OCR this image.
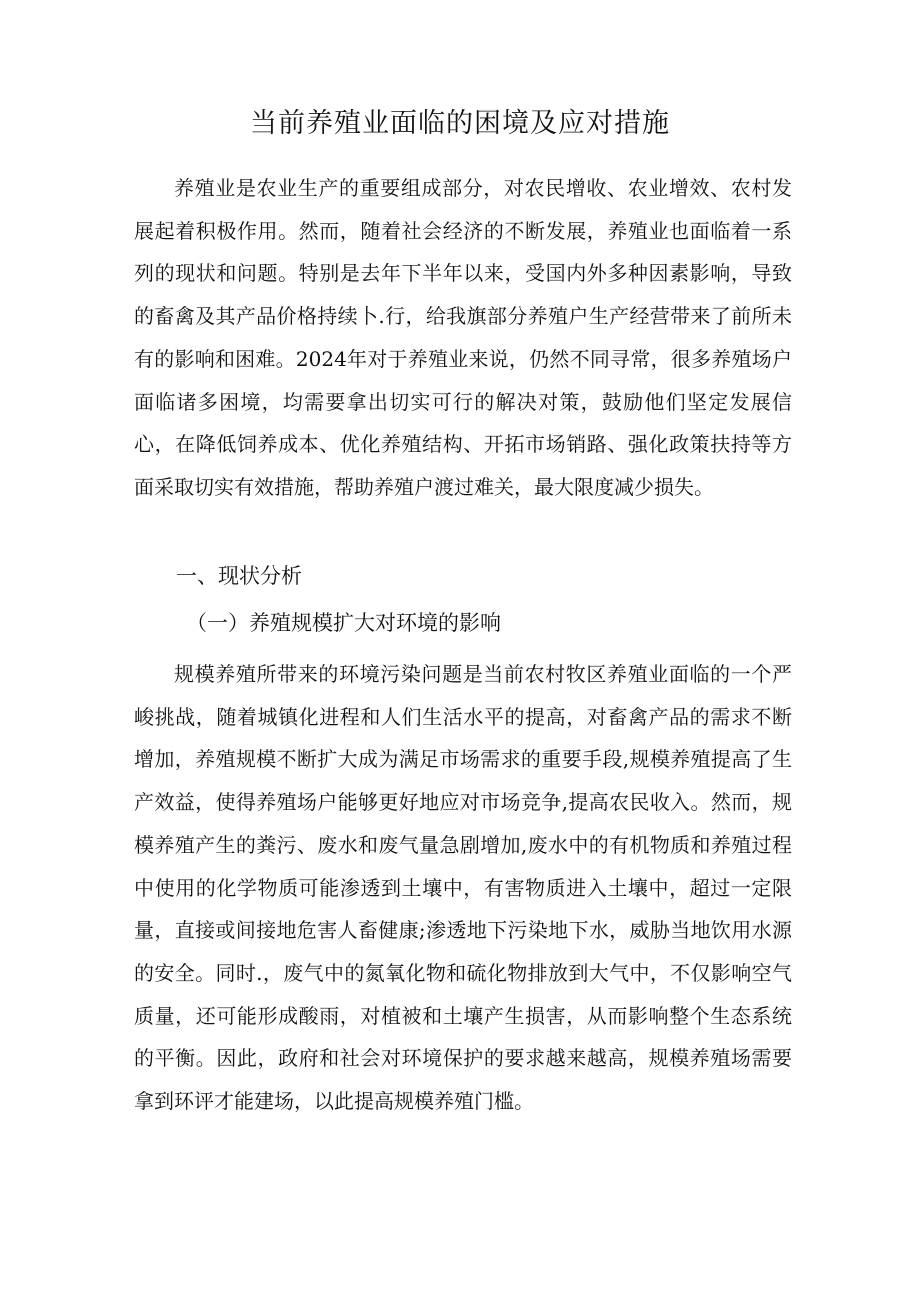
当前养殖业面临的困境及应对措施

养殖业是农业生产的重要组成部分，对农民增收、农业增效、农村发展起着积极作用。然而，随着社会经济的不断发展，养殖业也面临着一系列的现状和问题。特别是去年下半年以来，受国内外多种因素影响，导致的畜禽及其产品价格持续卜.行，给我旗部分养殖户生产经营带来了前所未有的影响和困难。2024年对于养殖业来说，仍然不同寻常，很多养殖场户面临诸多困境，均需要拿出切实可行的解决对策，鼓励他们坚定发展信心，在降低饲养成本、优化养殖结构、开拓市场销路、强化政策扶持等方面采取切实有效措施，帮助养殖户渡过难关，最大限度减少损失。

一、现状分析
（一）养殖规模扩大对环境的影响

规模养殖所带来的环境污染问题是当前农村牧区养殖业面临的一个严峻挑战，随着城镇化进程和人们生活水平的提高，对畜禽产品的需求不断增加，养殖规模不断扩大成为满足市场需求的重要手段,规模养殖提高了生产效益，使得养殖场户能够更好地应对市场竞争,提高农民收入。然而，规模养殖产生的粪污、废水和废气量急剧增加,废水中的有机物质和养殖过程中使用的化学物质可能渗透到土壤中，有害物质进入土壤中，超过一定限量，直接或间接地危害人畜健康;渗透地下污染地下水，威胁当地饮用水源的安全。同时.，废气中的氮氧化物和硫化物排放到大气中，不仅影响空气质量，还可能形成酸雨，对植被和土壤产生损害，从而影响整个生态系统的平衡。因此，政府和社会对环境保护的要求越来越高，规模养殖场需要拿到环评才能建场，以此提高规模养殖门槛。
